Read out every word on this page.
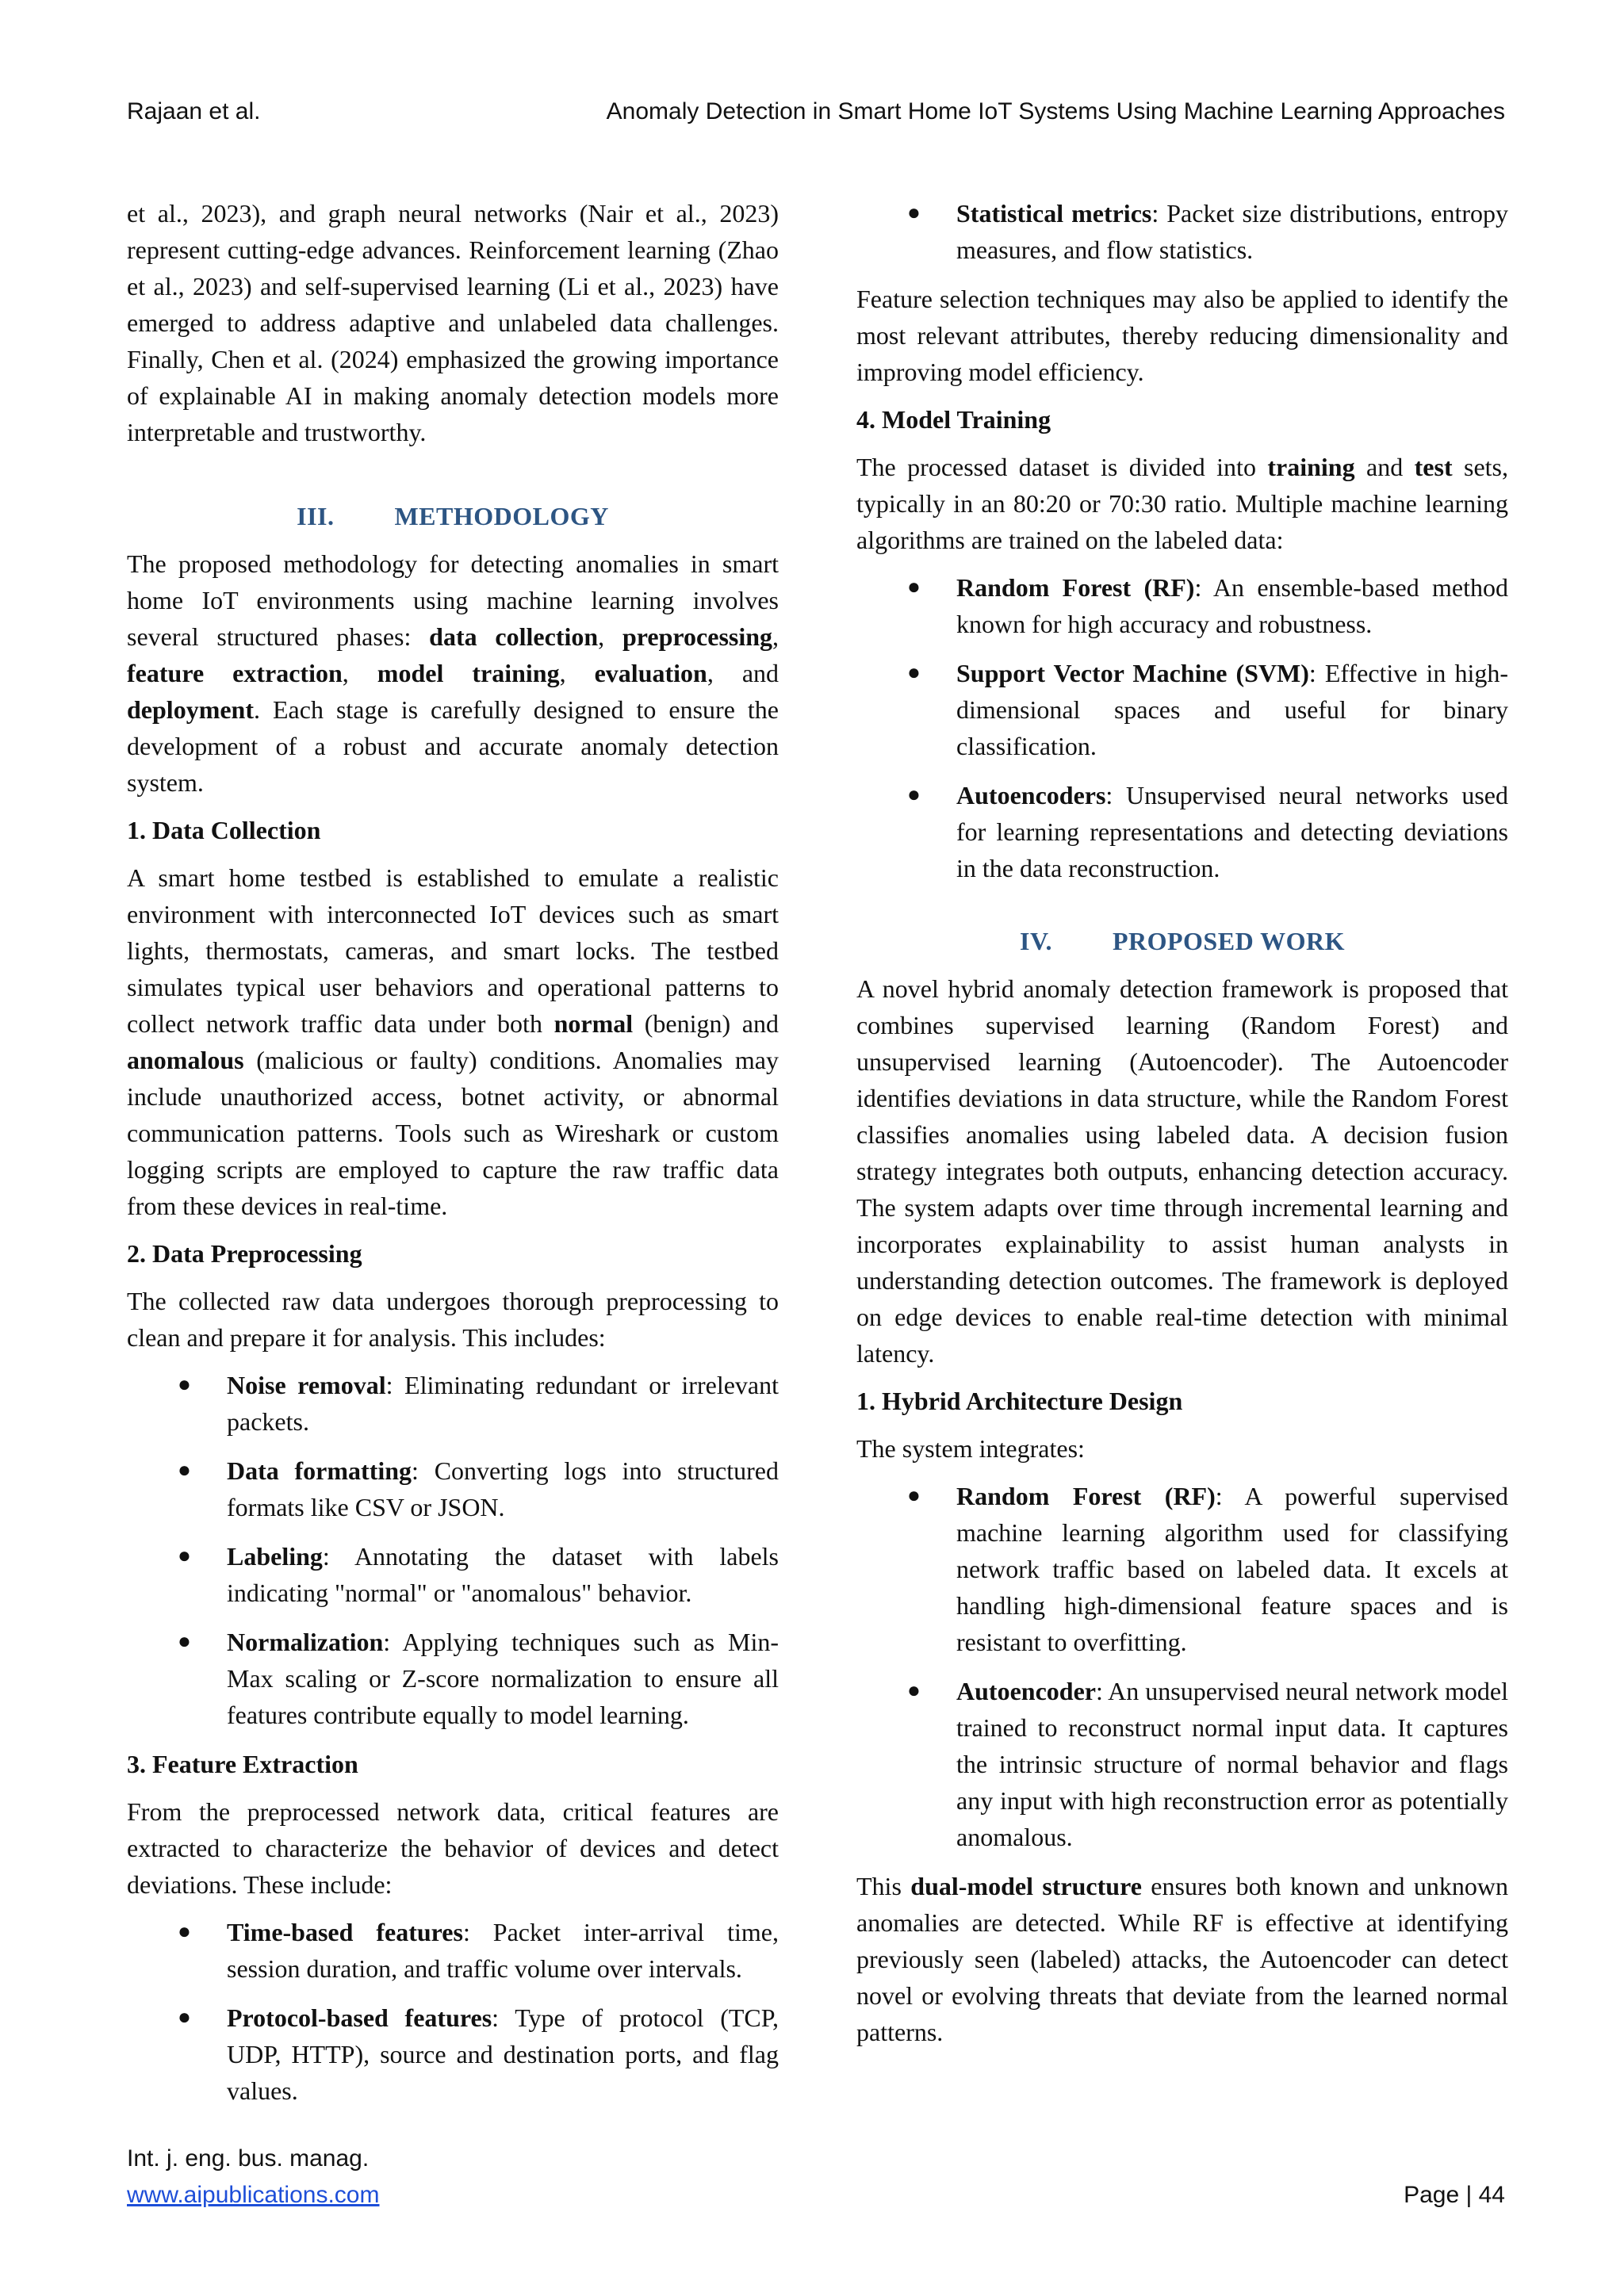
Rajaan et al.	Anomaly Detection in Smart Home IoT Systems Using Machine Learning Approaches

et al., 2023), and graph neural networks (Nair et al., 2023) represent cutting-edge advances. Reinforcement learning (Zhao et al., 2023) and self-supervised learning (Li et al., 2023) have emerged to address adaptive and unlabeled data challenges. Finally, Chen et al. (2024) emphasized the growing importance of explainable AI in making anomaly detection models more interpretable and trustworthy.

III. METHODOLOGY

The proposed methodology for detecting anomalies in smart home IoT environments using machine learning involves several structured phases: data collection, preprocessing, feature extraction, model training, evaluation, and deployment. Each stage is carefully designed to ensure the development of a robust and accurate anomaly detection system.

1. Data Collection

A smart home testbed is established to emulate a realistic environment with interconnected IoT devices such as smart lights, thermostats, cameras, and smart locks. The testbed simulates typical user behaviors and operational patterns to collect network traffic data under both normal (benign) and anomalous (malicious or faulty) conditions. Anomalies may include unauthorized access, botnet activity, or abnormal communication patterns. Tools such as Wireshark or custom logging scripts are employed to capture the raw traffic data from these devices in real-time.

2. Data Preprocessing

The collected raw data undergoes thorough preprocessing to clean and prepare it for analysis. This includes:

● Noise removal: Eliminating redundant or irrelevant packets.
● Data formatting: Converting logs into structured formats like CSV or JSON.
● Labeling: Annotating the dataset with labels indicating "normal" or "anomalous" behavior.
● Normalization: Applying techniques such as Min-Max scaling or Z-score normalization to ensure all features contribute equally to model learning.
3. Feature Extraction

From the preprocessed network data, critical features are extracted to characterize the behavior of devices and detect deviations. These include:

● Time-based features: Packet inter-arrival time, session duration, and traffic volume over intervals.
● Protocol-based features: Type of protocol (TCP, UDP, HTTP), source and destination ports, and flag values.
● Statistical metrics: Packet size distributions, entropy measures, and flow statistics.

Feature selection techniques may also be applied to identify the most relevant attributes, thereby reducing dimensionality and improving model efficiency.

4. Model Training

The processed dataset is divided into training and test sets, typically in an 80:20 or 70:30 ratio. Multiple machine learning algorithms are trained on the labeled data:

● Random Forest (RF): An ensemble-based method known for high accuracy and robustness.
● Support Vector Machine (SVM): Effective in high-dimensional spaces and useful for binary classification.
● Autoencoders: Unsupervised neural networks used for learning representations and detecting deviations in the data reconstruction.
IV. PROPOSED WORK

A novel hybrid anomaly detection framework is proposed that combines supervised learning (Random Forest) and unsupervised learning (Autoencoder). The Autoencoder identifies deviations in data structure, while the Random Forest classifies anomalies using labeled data. A decision fusion strategy integrates both outputs, enhancing detection accuracy. The system adapts over time through incremental learning and incorporates explainability to assist human analysts in understanding detection outcomes. The framework is deployed on edge devices to enable real-time detection with minimal latency.

1. Hybrid Architecture Design

The system integrates:

● Random Forest (RF): A powerful supervised machine learning algorithm used for classifying network traffic based on labeled data. It excels at handling high-dimensional feature spaces and is resistant to overfitting.
● Autoencoder: An unsupervised neural network model trained to reconstruct normal input data. It captures the intrinsic structure of normal behavior and flags any input with high reconstruction error as potentially anomalous.

This dual-model structure ensures both known and unknown anomalies are detected. While RF is effective at identifying previously seen (labeled) attacks, the Autoencoder can detect novel or evolving threats that deviate from the learned normal patterns.

Int. j. eng. bus. manag.
www.aipublications.com	Page | 44
